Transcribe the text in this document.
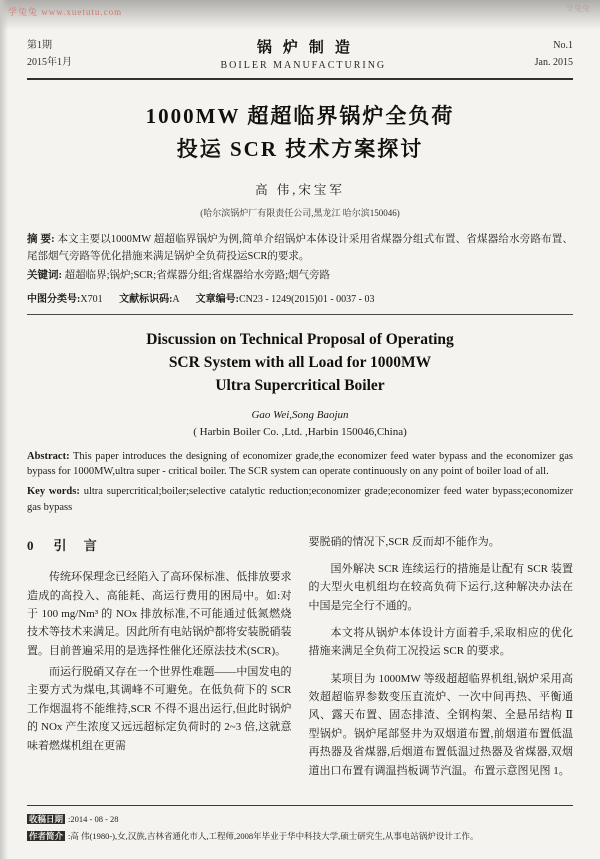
学兔兔 www.xuetutu.com	学兔兔
第1期
2015年1月
锅炉制造
BOILER MANUFACTURING
No.1
Jan. 2015
1000MW 超超临界锅炉全负荷
投运 SCR 技术方案探讨
高 伟,宋宝军
(哈尔滨锅炉厂有限责任公司,黑龙江 哈尔滨150046)
摘 要: 本文主要以1000MW 超超临界锅炉为例,简单介绍锅炉本体设计采用省煤器分组式布置、省煤器给水旁路布置、尾部烟气旁路等优化措施来满足锅炉全负荷投运SCR的要求。
关键词: 超超临界;锅炉;SCR;省煤器分组;省煤器给水旁路;烟气旁路
中图分类号:X701 文献标识码:A 文章编号:CN23 - 1249(2015)01 - 0037 - 03
Discussion on Technical Proposal of Operating
SCR System with all Load for 1000MW
Ultra Supercritical Boiler
Gao Wei,Song Baojun
( Harbin Boiler Co. ,Ltd. ,Harbin 150046,China)
Abstract: This paper introduces the designing of economizer grade,the economizer feed water bypass and the economizer gas bypass for 1000MW,ultra super - critical boiler. The SCR system can operate continuously on any point of boiler load of all.
Key words: ultra supercritical;boiler;selective catalytic reduction;economizer grade;economizer feed water bypass;economizer gas bypass
0 引 言

传统环保理念已经陷入了高环保标准、低排放要求造成的高投入、高能耗、高运行费用的困局中。如:对于 100 mg/Nm³ 的 NOx 排放标准,不可能通过低氮燃烧技术等技术来满足。因此所有电站锅炉都将安装脱硝装置。目前普遍采用的是选择性催化还原法技术(SCR)。

而运行脱硝又存在一个世界性难题——中国发电的主要方式为煤电,其调峰不可避免。在低负荷下的 SCR 工作烟温将不能维持,SCR 不得不退出运行,但此时锅炉的 NOx 产生浓度又远远超标定负荷时的 2~3 倍,这就意味着燃煤机组在更需

要脱硝的情况下,SCR 反而却不能作为。

国外解决 SCR 连续运行的措施是让配有 SCR 装置的大型火电机组均在较高负荷下运行,这种解决办法在中国是完全行不通的。

本文将从锅炉本体设计方面着手,采取相应的优化措施来满足全负荷工况投运 SCR 的要求。

某项目为 1000MW 等级超超临界机组,锅炉采用高效超超临界参数变压直流炉、一次中间再热、平衡通风、露天布置、固态排渣、全钢构架、全悬吊结构 Ⅱ 型锅炉。锅炉尾部竖井为双烟道布置,前烟道布置低温再热器及省煤器,后烟道布置低温过热器及省煤器,双烟道出口布置有调温挡板调节汽温。布置示意图见图 1。

收稿日期 :2014 - 08 - 28
作者简介 :高 伟(1980-),女,汉族,吉林省通化市人,工程师,2008年毕业于华中科技大学,硕士研究生,从事电站锅炉设计工作。
